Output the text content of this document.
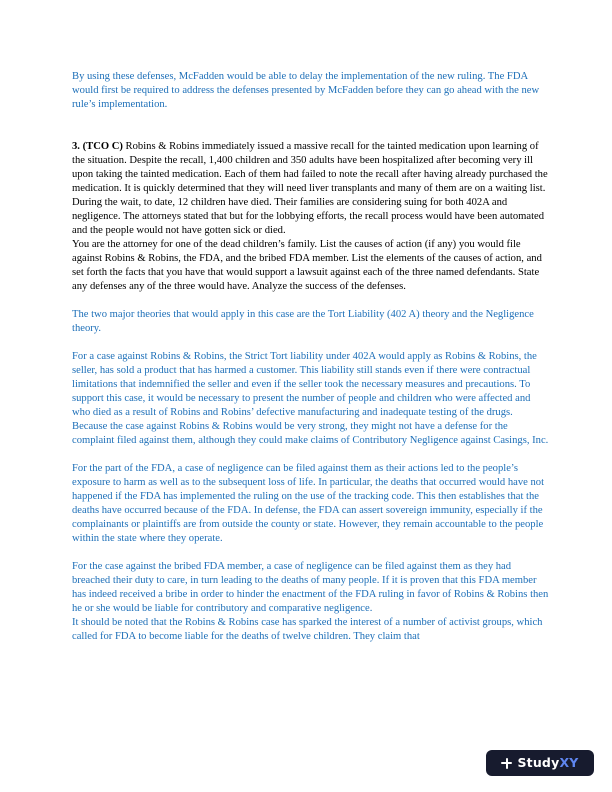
By using these defenses, McFadden would be able to delay the implementation of the new ruling. The FDA would first be required to address the defenses presented by McFadden before they can go ahead with the new rule’s implementation.

3. (TCO C) Robins & Robins immediately issued a massive recall for the tainted medication upon learning of the situation. Despite the recall, 1,400 children and 350 adults have been hospitalized after becoming very ill upon taking the tainted medication. Each of them had failed to note the recall after having already purchased the medication. It is quickly determined that they will need liver transplants and many of them are on a waiting list. During the wait, to date, 12 children have died. Their families are considering suing for both 402A and negligence. The attorneys stated that but for the lobbying efforts, the recall process would have been automated and the people would not have gotten sick or died.

You are the attorney for one of the dead children’s family. List the causes of action (if any) you would file against Robins & Robins, the FDA, and the bribed FDA member. List the elements of the causes of action, and set forth the facts that you have that would support a lawsuit against each of the three named defendants. State any defenses any of the three would have. Analyze the success of the defenses.

The two major theories that would apply in this case are the Tort Liability (402 A) theory and the Negligence theory.

For a case against Robins & Robins, the Strict Tort liability under 402A would apply as Robins & Robins, the seller, has sold a product that has harmed a customer. This liability still stands even if there were contractual limitations that indemnified the seller and even if the seller took the necessary measures and precautions. To support this case, it would be necessary to present the number of people and children who were affected and who died as a result of Robins and Robins’ defective manufacturing and inadequate testing of the drugs. Because the case against Robins & Robins would be very strong, they might not have a defense for the complaint filed against them, although they could make claims of Contributory Negligence against Casings, Inc.

For the part of the FDA, a case of negligence can be filed against them as their actions led to the people’s exposure to harm as well as to the subsequent loss of life. In particular, the deaths that occurred would have not happened if the FDA has implemented the ruling on the use of the tracking code. This then establishes that the deaths have occurred because of the FDA. In defense, the FDA can assert sovereign immunity, especially if the complainants or plaintiffs are from outside the county or state. However, they remain accountable to the people within the state where they operate.

For the case against the bribed FDA member, a case of negligence can be filed against them as they had breached their duty to care, in turn leading to the deaths of many people. If it is proven that this FDA member has indeed received a bribe in order to hinder the enactment of the FDA ruling in favor of Robins & Robins then he or she would be liable for contributory and comparative negligence.

It should be noted that the Robins & Robins case has sparked the interest of a number of activist groups, which called for FDA to become liable for the deaths of twelve children. They claim that

StudyXY
